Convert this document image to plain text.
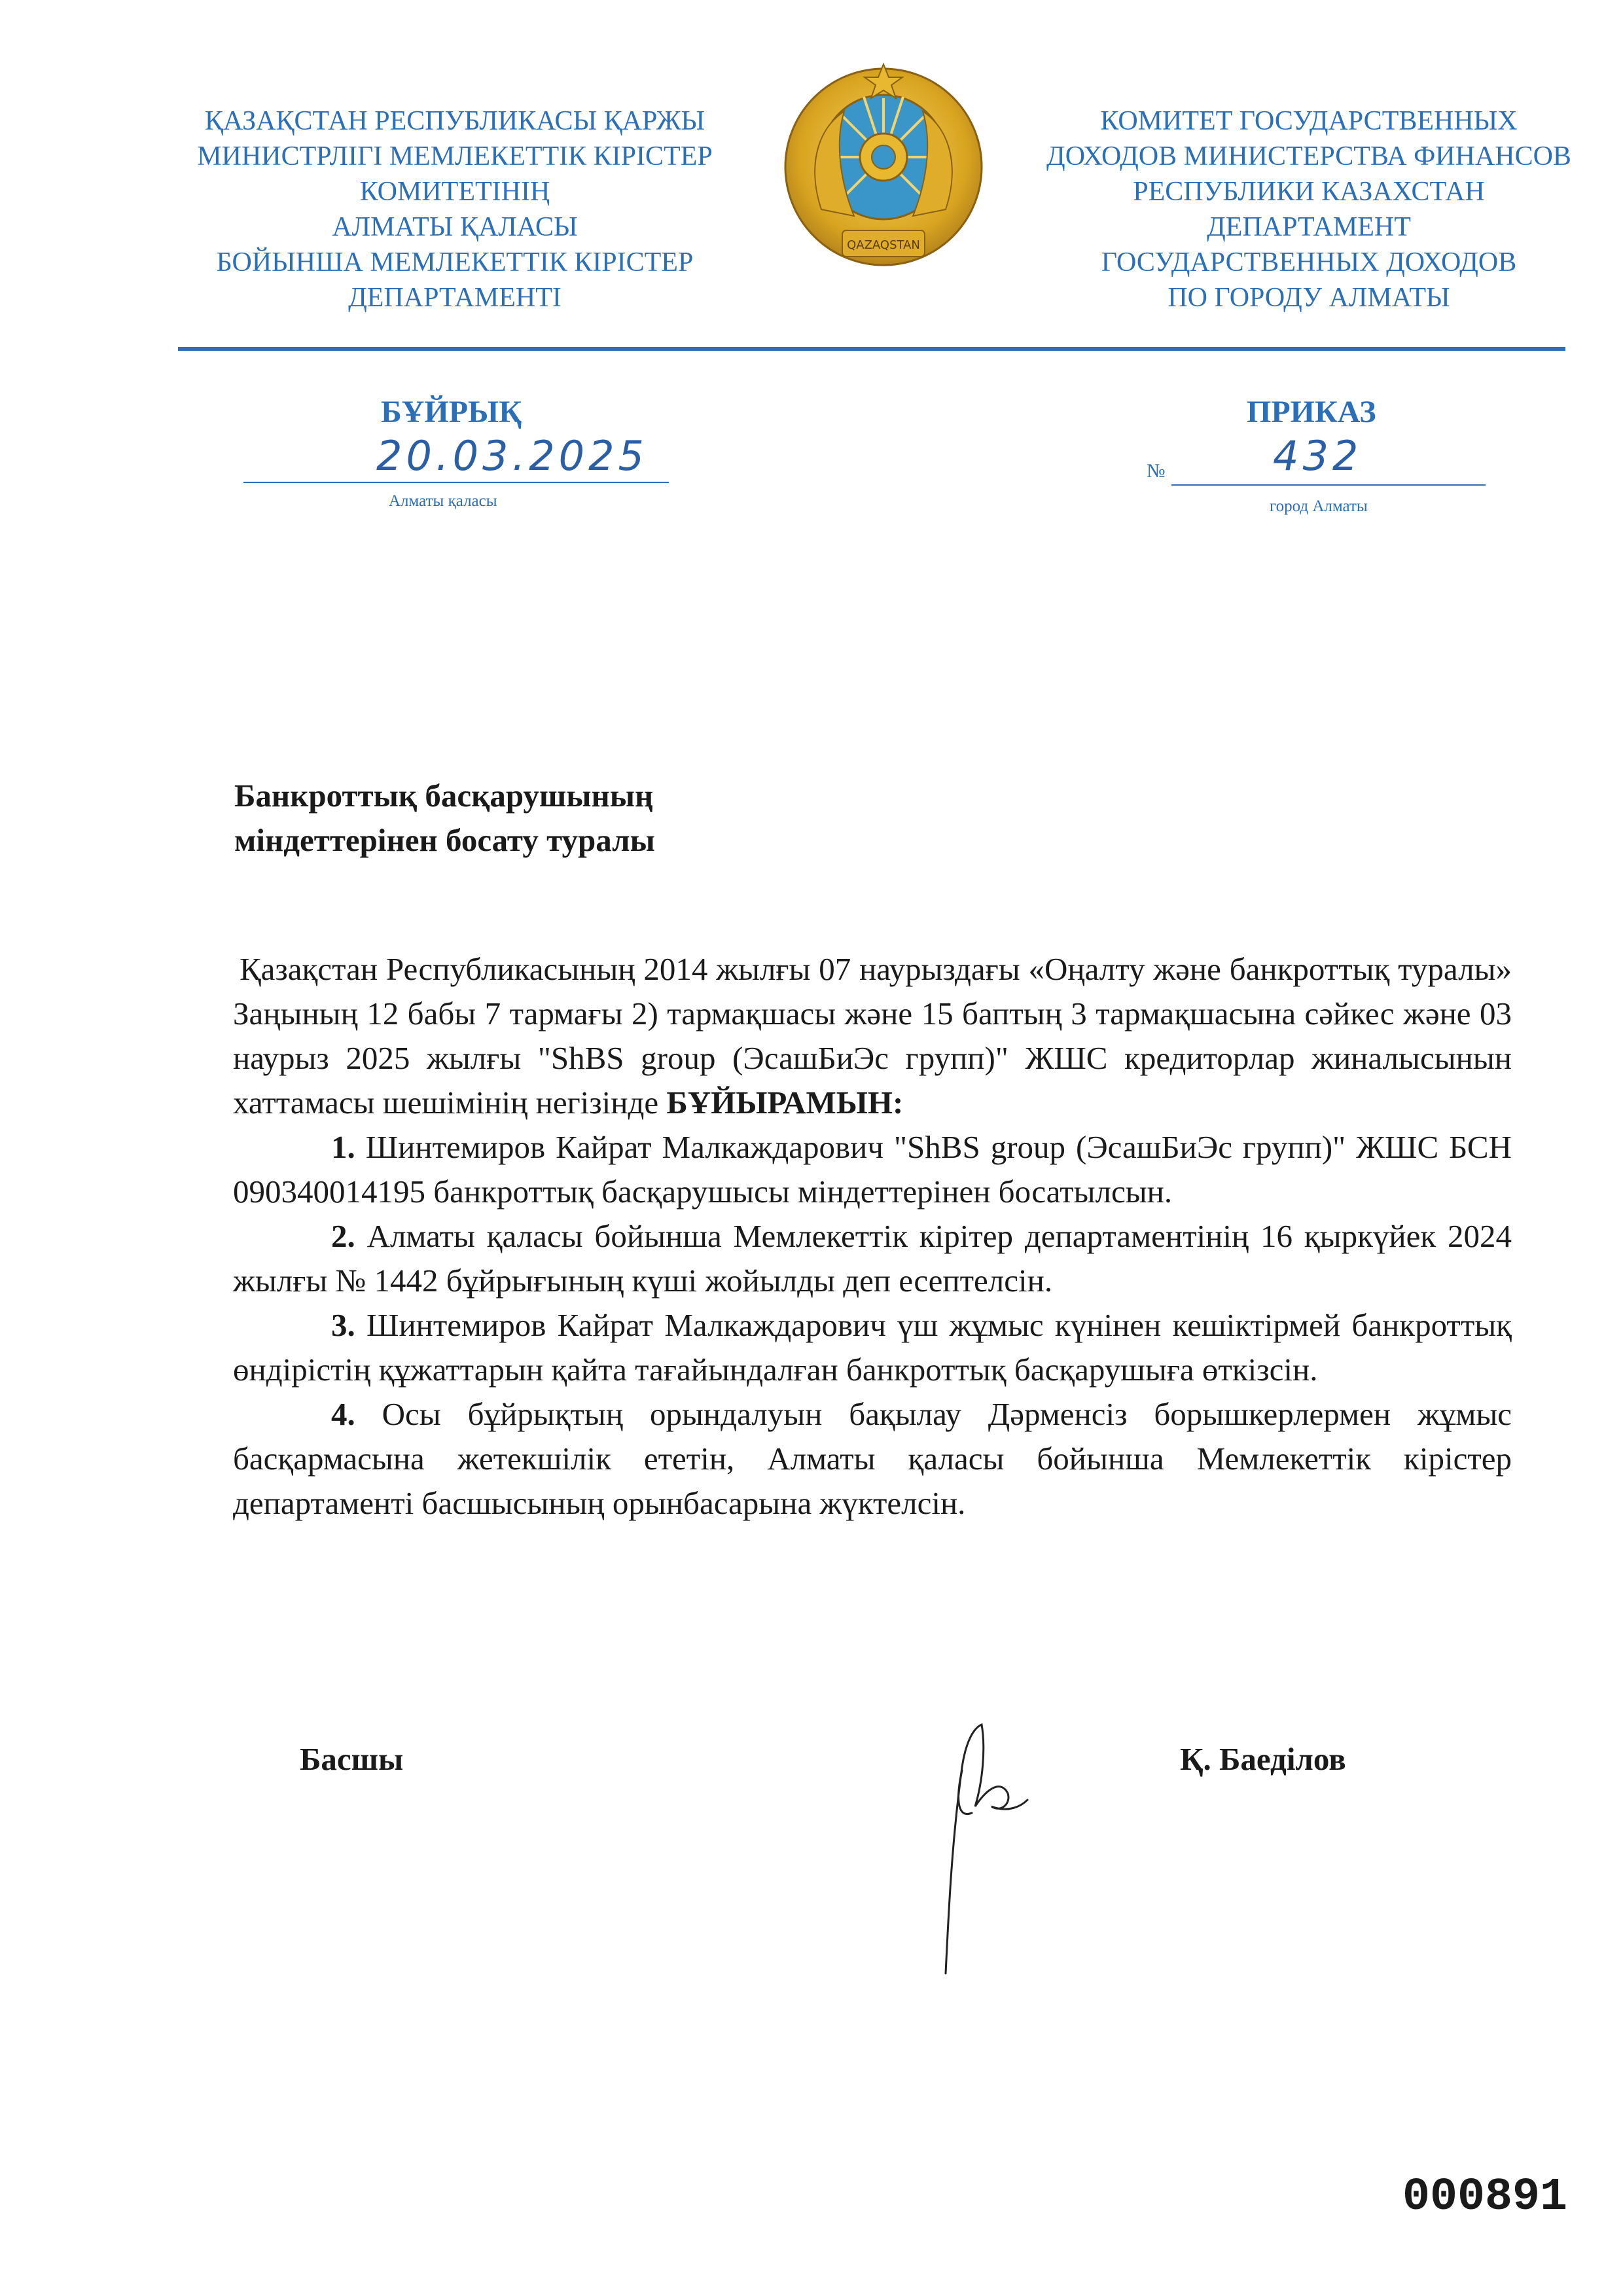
ҚАЗАҚСТАН РЕСПУБЛИКАСЫ ҚАРЖЫ
МИНИСТРЛІГІ МЕМЛЕКЕТТІК КІРІСТЕР
КОМИТЕТІНІҢ
АЛМАТЫ ҚАЛАСЫ
БОЙЫНША МЕМЛЕКЕТТІК КІРІСТЕР
ДЕПАРТАМЕНТІ
QAZAQSTAN
КОМИТЕТ ГОСУДАРСТВЕННЫХ
ДОХОДОВ МИНИСТЕРСТВА ФИНАНСОВ
РЕСПУБЛИКИ КАЗАХСТАН
ДЕПАРТАМЕНТ
ГОСУДАРСТВЕННЫХ ДОХОДОВ
ПО ГОРОДУ АЛМАТЫ
БҰЙРЫҚ	ПРИКАЗ
20.03.2025
Алматы қаласы
№	432
город Алматы
Банкроттық басқарушының
міндеттерінен босату туралы

Қазақстан Республикасының 2014 жылғы 07 наурыздағы «Оңалту және банкроттық туралы» Заңының 12 бабы 7 тармағы 2) тармақшасы және 15 баптың 3 тармақшасына сәйкес және 03 наурыз 2025 жылғы "ShBS group (ЭсашБиЭс групп)" ЖШС кредиторлар жиналысынын хаттамасы шешімінің негізінде БҰЙЫРАМЫН:

1. Шинтемиров Кайрат Малкаждарович "ShBS group (ЭсашБиЭс групп)" ЖШС БСН 090340014195 банкроттық басқарушысы міндеттерінен босатылсын.

2. Алматы қаласы бойынша Мемлекеттік кірітер департаментінің 16 қыркүйек 2024 жылғы № 1442 бұйрығының күші жойылды деп есептелсін.

3. Шинтемиров Кайрат Малкаждарович үш жұмыс күнінен кешіктірмей банкроттық өндірістің құжаттарын қайта тағайындалған банкроттық басқарушыға өткізсін.

4. Осы бұйрықтың орындалуын бақылау Дәрменсіз борышкерлермен жұмыс басқармасына жетекшілік ететін, Алматы қаласы бойынша Мемлекеттік кірістер департаменті басшысының орынбасарына жүктелсін.

Басшы	Қ. Баеділов
000891
